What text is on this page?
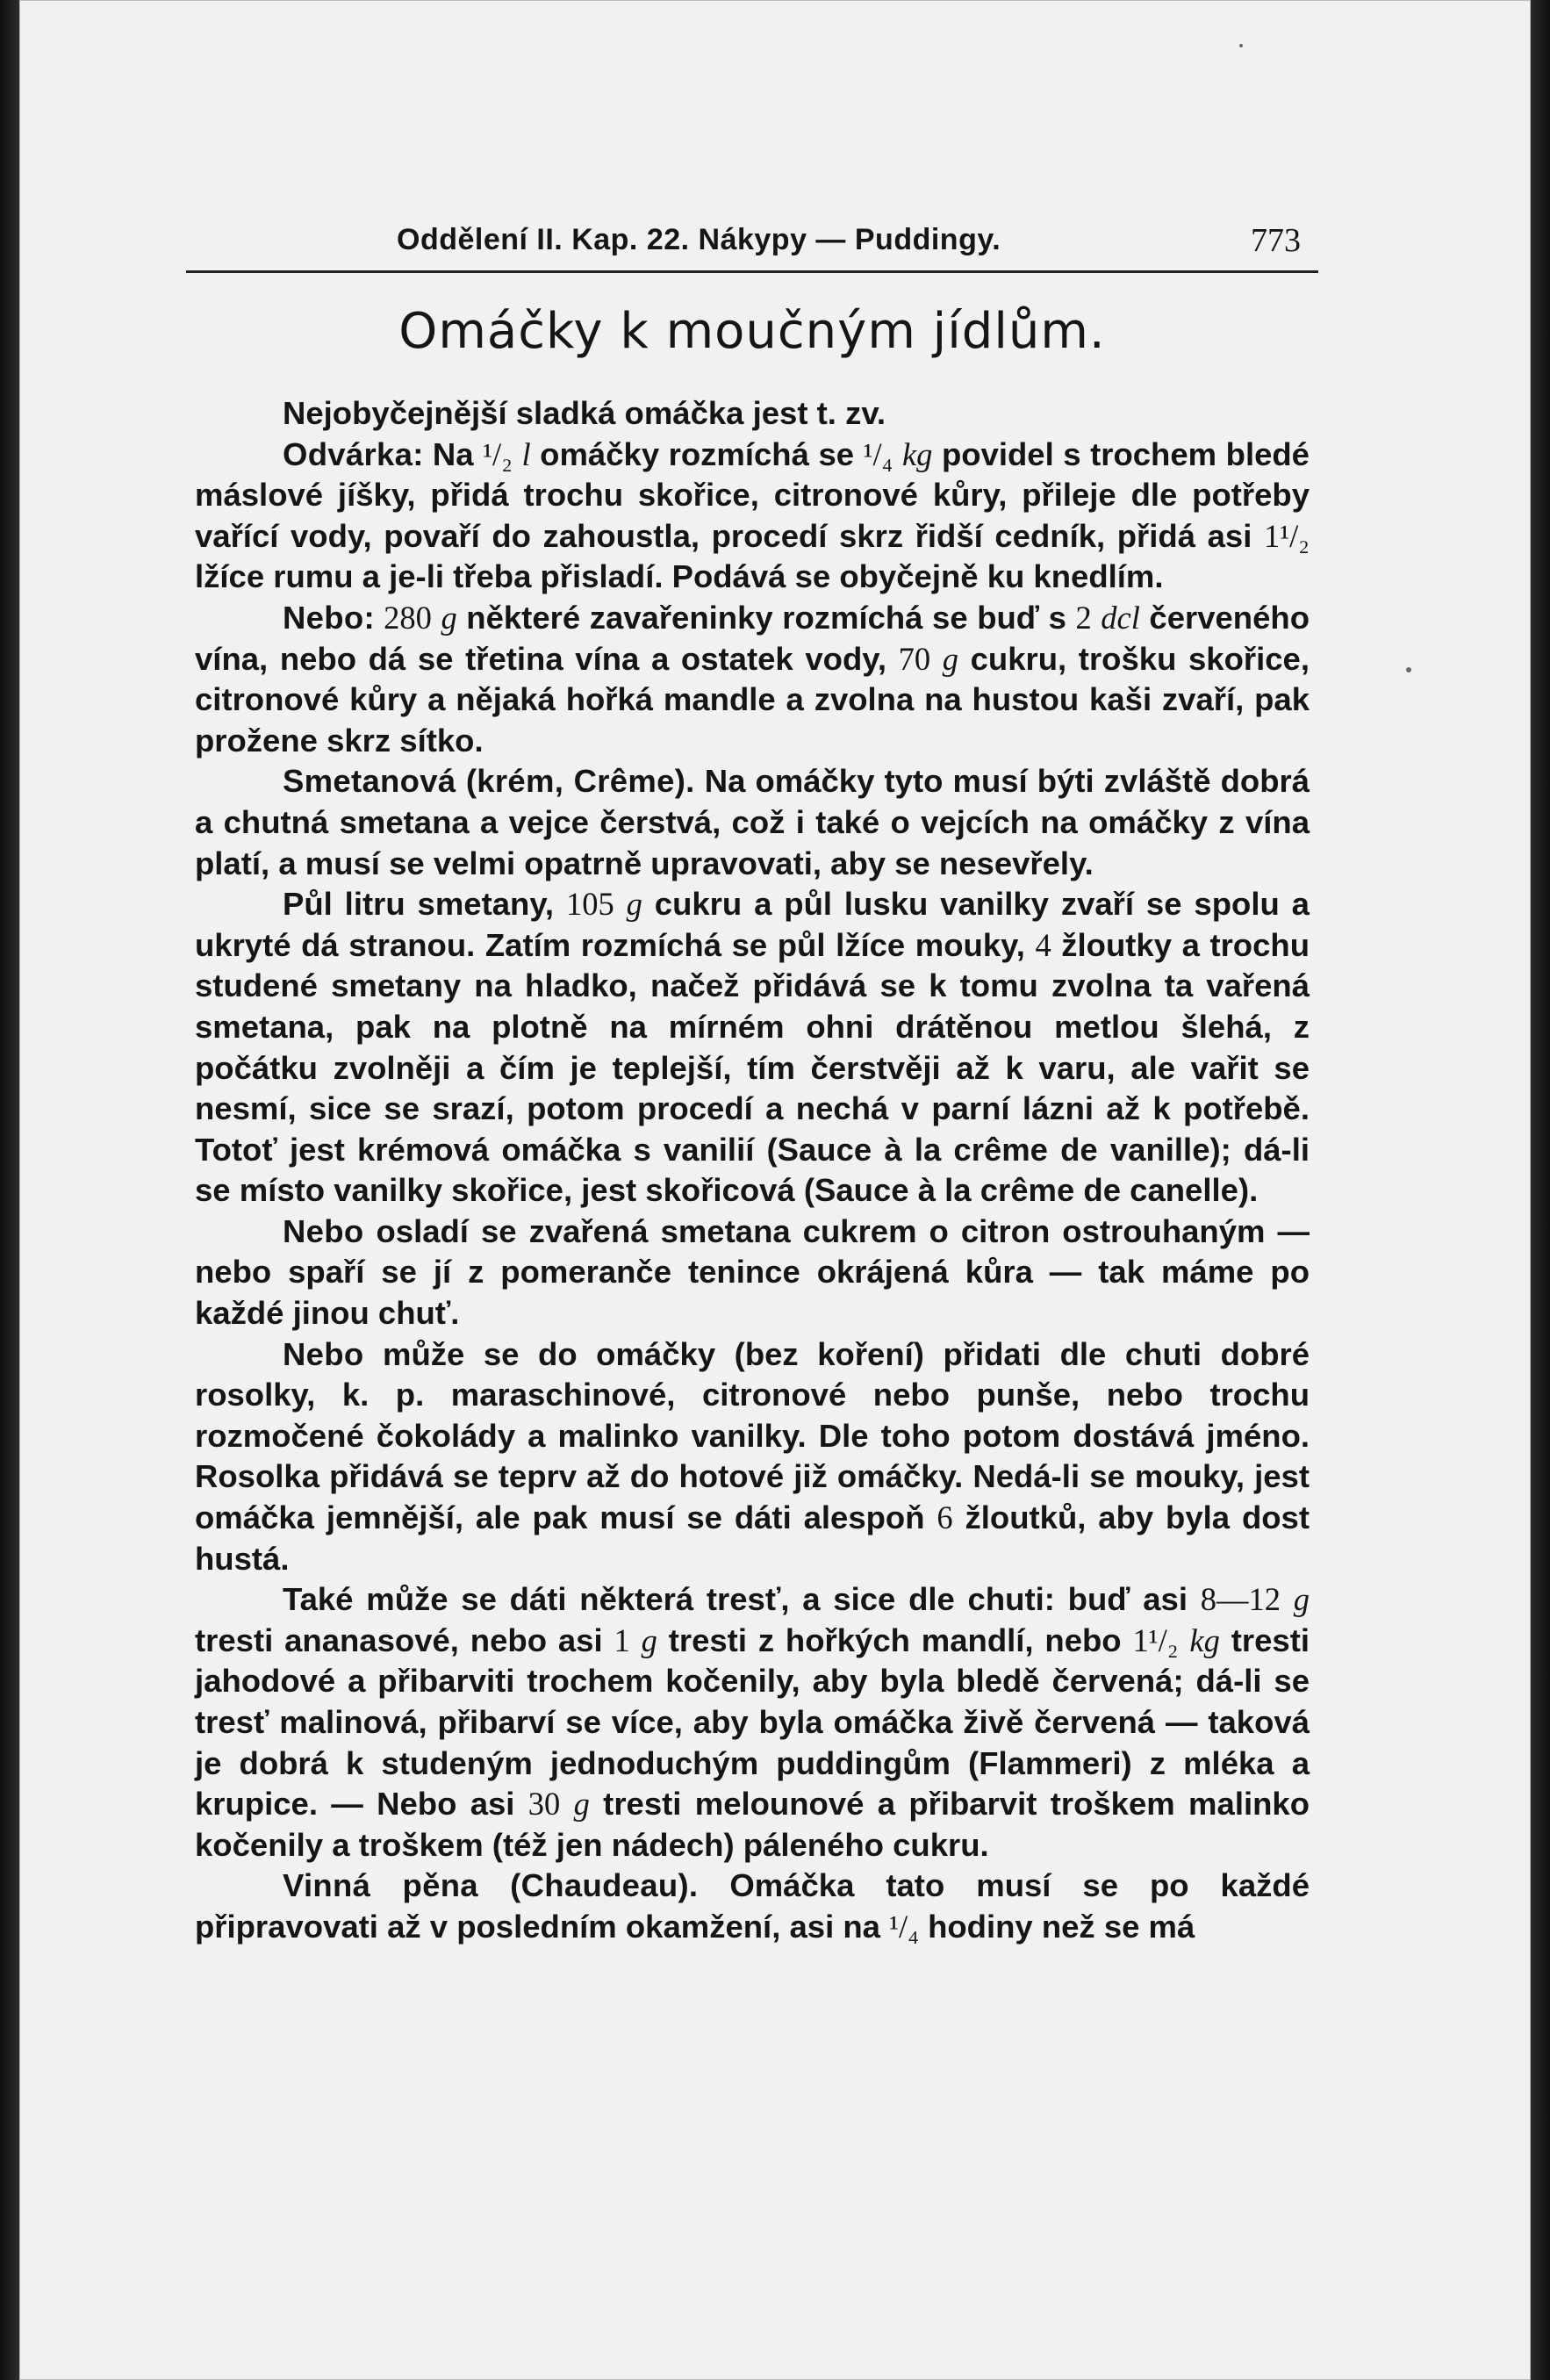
Oddělení II. Kap. 22. Nákypy — Puddingy.	773
Omáčky k moučným jídlům.

Nejobyčejnější sladká omáčka jest t. zv.

Odvárka: Na ¹/₂ l omáčky rozmíchá se ¹/₄ kg povidel s trochem bledé máslové jíšky, přidá trochu skořice, citronové kůry, přileje dle potřeby vařící vody, povaří do zahoustla, procedí skrz řidší cedník, přidá asi 1¹/₂ lžíce rumu a je-li třeba přisladí. Podává se obyčejně ku knedlím.

Nebo: 280 g některé zavařeninky rozmíchá se buď s 2 dcl červeného vína, nebo dá se třetina vína a ostatek vody, 70 g cukru, trošku skořice, citronové kůry a nějaká hořká mandle a zvolna na hustou kaši zvaří, pak prožene skrz sítko.

Smetanová (krém, Crême). Na omáčky tyto musí býti zvláště dobrá a chutná smetana a vejce čerstvá, což i také o vejcích na omáčky z vína platí, a musí se velmi opatrně upravovati, aby se nesevřely.

Půl litru smetany, 105 g cukru a půl lusku vanilky zvaří se spolu a ukryté dá stranou. Zatím rozmíchá se půl lžíce mouky, 4 žloutky a trochu studené smetany na hladko, načež přidává se k tomu zvolna ta vařená smetana, pak na plotně na mírném ohni drátěnou metlou šlehá, z počátku zvolněji a čím je teplejší, tím čerstvěji až k varu, ale vařit se nesmí, sice se srazí, potom procedí a nechá v parní lázni až k potřebě. Totoť jest krémová omáčka s vanilií (Sauce à la crême de vanille); dá-li se místo vanilky skořice, jest skořicová (Sauce à la crême de canelle).

Nebo osladí se zvařená smetana cukrem o citron ostrouhaným — nebo spaří se jí z pomeranče tenince okrájená kůra — tak máme po každé jinou chuť.

Nebo může se do omáčky (bez koření) přidati dle chuti dobré rosolky, k. p. maraschinové, citronové nebo punše, nebo trochu rozmočené čokolády a malinko vanilky. Dle toho potom dostává jméno. Rosolka přidává se teprv až do hotové již omáčky. Nedá-li se mouky, jest omáčka jemnější, ale pak musí se dáti alespoň 6 žloutků, aby byla dost hustá.

Také může se dáti některá tresť, a sice dle chuti: buď asi 8—12 g tresti ananasové, nebo asi 1 g tresti z hořkých mandlí, nebo 1¹/₂ kg tresti jahodové a přibarviti trochem kočenily, aby byla bledě červená; dá-li se tresť malinová, přibarví se více, aby byla omáčka živě červená — taková je dobrá k studeným jednoduchým puddingům (Flammeri) z mléka a krupice. — Nebo asi 30 g tresti melounové a přibarvit troškem malinko kočenily a troškem (též jen nádech) páleného cukru.

Vinná pěna (Chaudeau). Omáčka tato musí se po každé připravovati až v posledním okamžení, asi na ¹/₄ hodiny než se má
